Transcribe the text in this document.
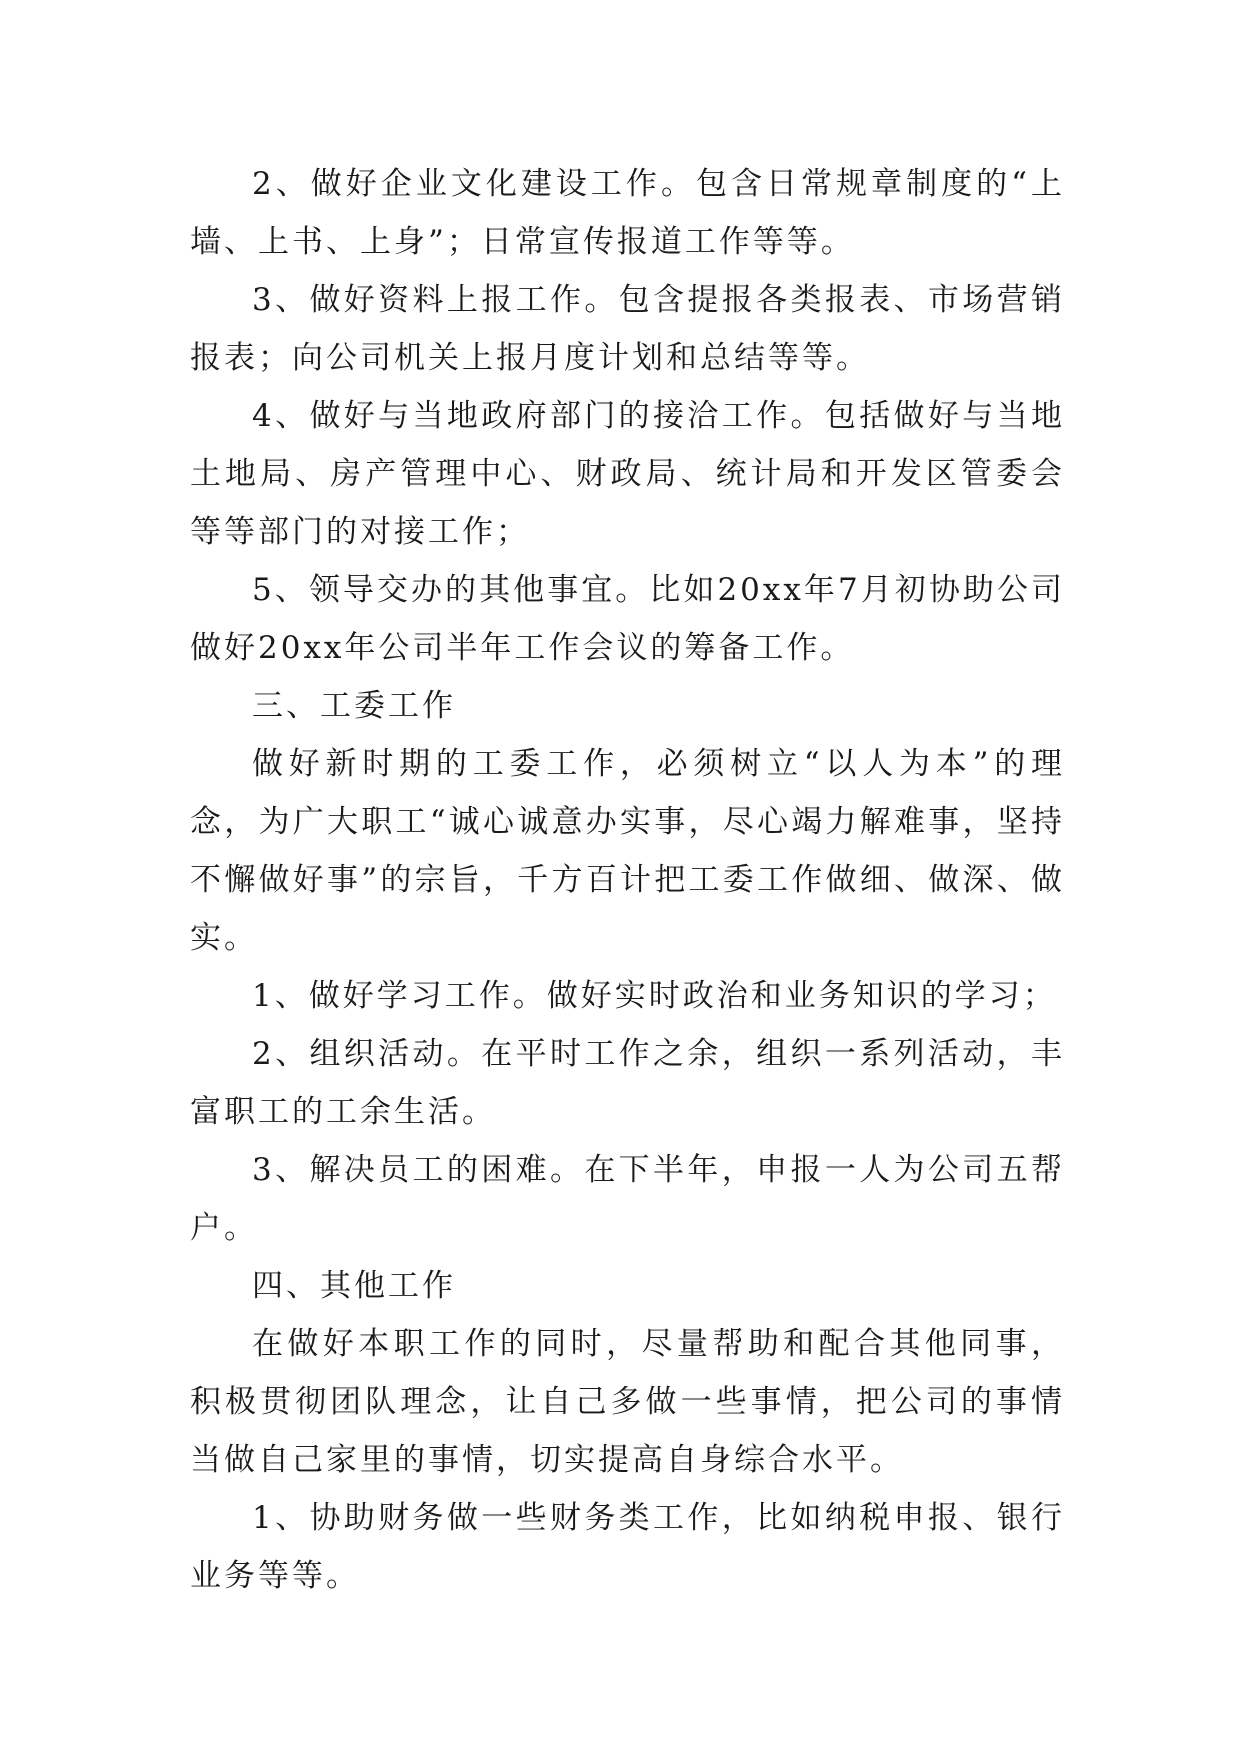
2、做好企业文化建设工作。包含日常规章制度的“上墙、上书、上身”；日常宣传报道工作等等。

3、做好资料上报工作。包含提报各类报表、市场营销报表；向公司机关上报月度计划和总结等等。

4、做好与当地政府部门的接洽工作。包括做好与当地土地局、房产管理中心、财政局、统计局和开发区管委会等等部门的对接工作；

5、领导交办的其他事宜。比如20xx年7月初协助公司做好20xx年公司半年工作会议的筹备工作。

三、工委工作

做好新时期的工委工作，必须树立“以人为本”的理念，为广大职工“诚心诚意办实事，尽心竭力解难事，坚持不懈做好事”的宗旨，千方百计把工委工作做细、做深、做实。

1、做好学习工作。做好实时政治和业务知识的学习；

2、组织活动。在平时工作之余，组织一系列活动，丰富职工的工余生活。

3、解决员工的困难。在下半年，申报一人为公司五帮户。

四、其他工作

在做好本职工作的同时，尽量帮助和配合其他同事，积极贯彻团队理念，让自己多做一些事情，把公司的事情当做自己家里的事情，切实提高自身综合水平。

1、协助财务做一些财务类工作，比如纳税申报、银行业务等等。
